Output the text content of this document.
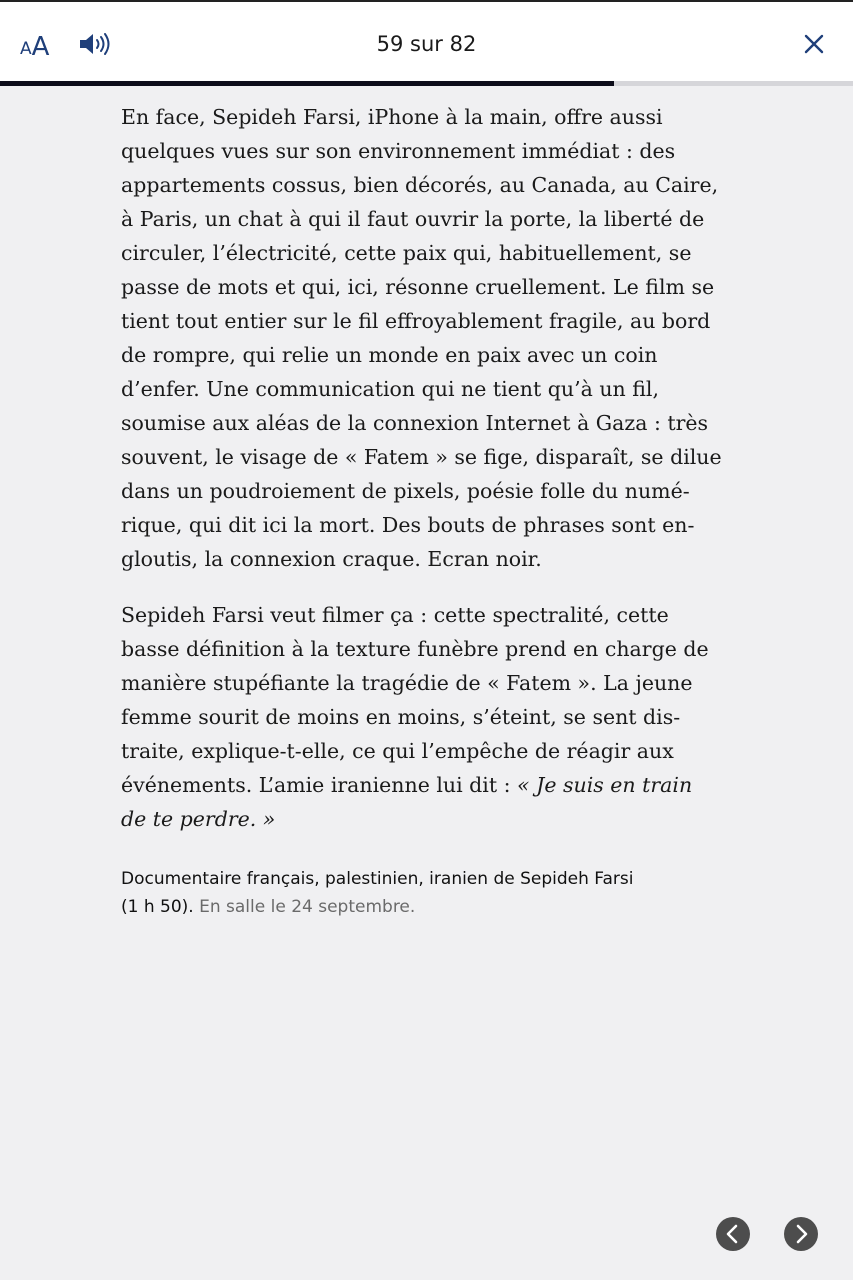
A A	59 sur 82

En face, Sepideh Farsi, iPhone à la main, offre aussi
quelques vues sur son environnement immédiat : des
appartements cossus, bien décorés, au Canada, au Caire,
à Paris, un chat à qui il faut ouvrir la porte, la liberté de
circuler, l’électricité, cette paix qui, habituellement, se
passe de mots et qui, ici, résonne cruellement. Le film se
tient tout entier sur le fil effroyablement fragile, au bord
de rompre, qui relie un monde en paix avec un coin
d’enfer. Une communication qui ne tient qu’à un fil,
soumise aux aléas de la connexion Internet à Gaza : très
souvent, le visage de « Fatem » se fige, disparaît, se dilue
dans un poudroiement de pixels, poésie folle du numé-
rique, qui dit ici la mort. Des bouts de phrases sont en-
gloutis, la connexion craque. Ecran noir.

Sepideh Farsi veut filmer ça : cette spectralité, cette
basse définition à la texture funèbre prend en charge de
manière stupéfiante la tragédie de « Fatem ». La jeune
femme sourit de moins en moins, s’éteint, se sent dis-
traite, explique-t-elle, ce qui l’empêche de réagir aux
événements. L’amie iranienne lui dit : « Je suis en train
de te perdre. »

Documentaire français, palestinien, iranien de Sepideh Farsi
(1 h 50). En salle le 24 septembre.
